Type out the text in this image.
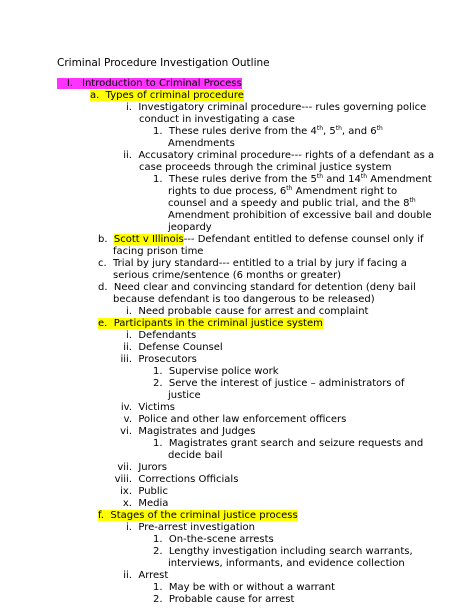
Criminal Procedure Investigation Outline
I. Introduction to Criminal Process
a. Types of criminal procedure
i. Investigatory criminal procedure--- rules governing police
conduct in investigating a case
1. These rules derive from the 4th, 5th, and 6th
Amendments
ii. Accusatory criminal procedure--- rights of a defendant as a
case proceeds through the criminal justice system
1. These rules derive from the 5th and 14th Amendment
rights to due process, 6th Amendment right to
counsel and a speedy and public trial, and the 8th
Amendment prohibition of excessive bail and double
jeopardy
b. Scott v Illinois--- Defendant entitled to defense counsel only if
facing prison time
c. Trial by jury standard--- entitled to a trial by jury if facing a
serious crime/sentence (6 months or greater)
d. Need clear and convincing standard for detention (deny bail
because defendant is too dangerous to be released)
i. Need probable cause for arrest and complaint
e. Participants in the criminal justice system
i. Defendants
ii. Defense Counsel
iii. Prosecutors
1. Supervise police work
2. Serve the interest of justice – administrators of
justice
iv. Victims
v. Police and other law enforcement officers
vi. Magistrates and Judges
1. Magistrates grant search and seizure requests and
decide bail
vii. Jurors
viii. Corrections Officials
ix. Public
x. Media
f. Stages of the criminal justice process
i. Pre-arrest investigation
1. On-the-scene arrests
2. Lengthy investigation including search warrants,
interviews, informants, and evidence collection
ii. Arrest
1. May be with or without a warrant
2. Probable cause for arrest
